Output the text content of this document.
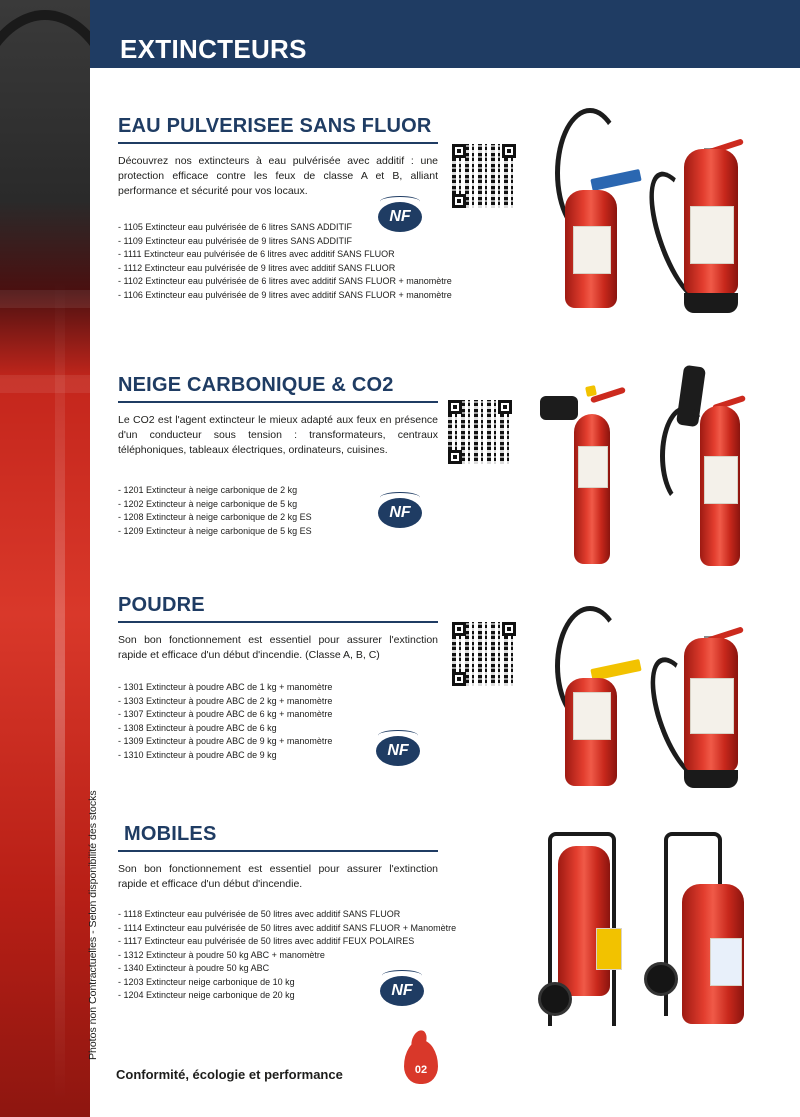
Photos non Contractuelles - Selon disponibilité des stocks
EXTINCTEURS
EAU PULVERISEE SANS FLUOR

Découvrez nos extincteurs à eau pulvérisée avec additif : une protection efficace contre les feux de classe A et B, alliant performance et sécurité pour vos locaux.

- 1105 Extincteur eau pulvérisée de 6 litres SANS ADDITIF
- 1109 Extincteur eau pulvérisée de 9 litres SANS ADDITIF
- 1111 Extincteur eau pulvérisée de 6 litres avec additif SANS FLUOR
- 1112 Extincteur eau pulvérisée de 9 litres avec additif SANS FLUOR
- 1102 Extincteur eau pulvérisée de 6 litres avec additif SANS FLUOR + manomètre
- 1106 Extincteur eau pulvérisée de 9 litres avec additif SANS FLUOR + manomètre
NF
NEIGE CARBONIQUE & CO2

Le CO2 est l'agent extincteur le mieux adapté aux feux en présence d'un conducteur sous tension : transformateurs, centraux téléphoniques, tableaux électriques, ordinateurs, cuisines.

- 1201 Extincteur à neige carbonique de 2 kg
- 1202 Extincteur à neige carbonique de 5 kg
- 1208 Extincteur à neige carbonique de 2 kg ES
- 1209 Extincteur à neige carbonique de 5 kg ES
NF
POUDRE

Son bon fonctionnement est essentiel pour assurer l'extinction rapide et efficace d'un début d'incendie. (Classe A, B, C)

- 1301 Extincteur à poudre ABC de 1 kg + manomètre
- 1303 Extincteur à poudre ABC de 2 kg + manomètre
- 1307 Extincteur à poudre ABC de 6 kg + manomètre
- 1308 Extincteur à poudre ABC de 6 kg
- 1309 Extincteur à poudre ABC de 9 kg + manomètre
- 1310 Extincteur à poudre ABC de 9 kg	NF
MOBILES

Son bon fonctionnement est essentiel pour assurer l'extinction rapide et efficace d'un début d'incendie.

- 1118 Extincteur eau pulvérisée de 50 litres avec additif SANS FLUOR
- 1114 Extincteur eau pulvérisée de 50 litres avec additif SANS FLUOR + Manomètre
- 1117 Extincteur eau pulvérisée de 50 litres avec additif FEUX POLAIRES
- 1312 Extincteur à poudre 50 kg ABC + manomètre
- 1340 Extincteur à poudre 50 kg ABC
- 1203 Extincteur neige carbonique de 10 kg
- 1204 Extincteur neige carbonique de 20 kg	NF
Conformité, écologie et performance	02
